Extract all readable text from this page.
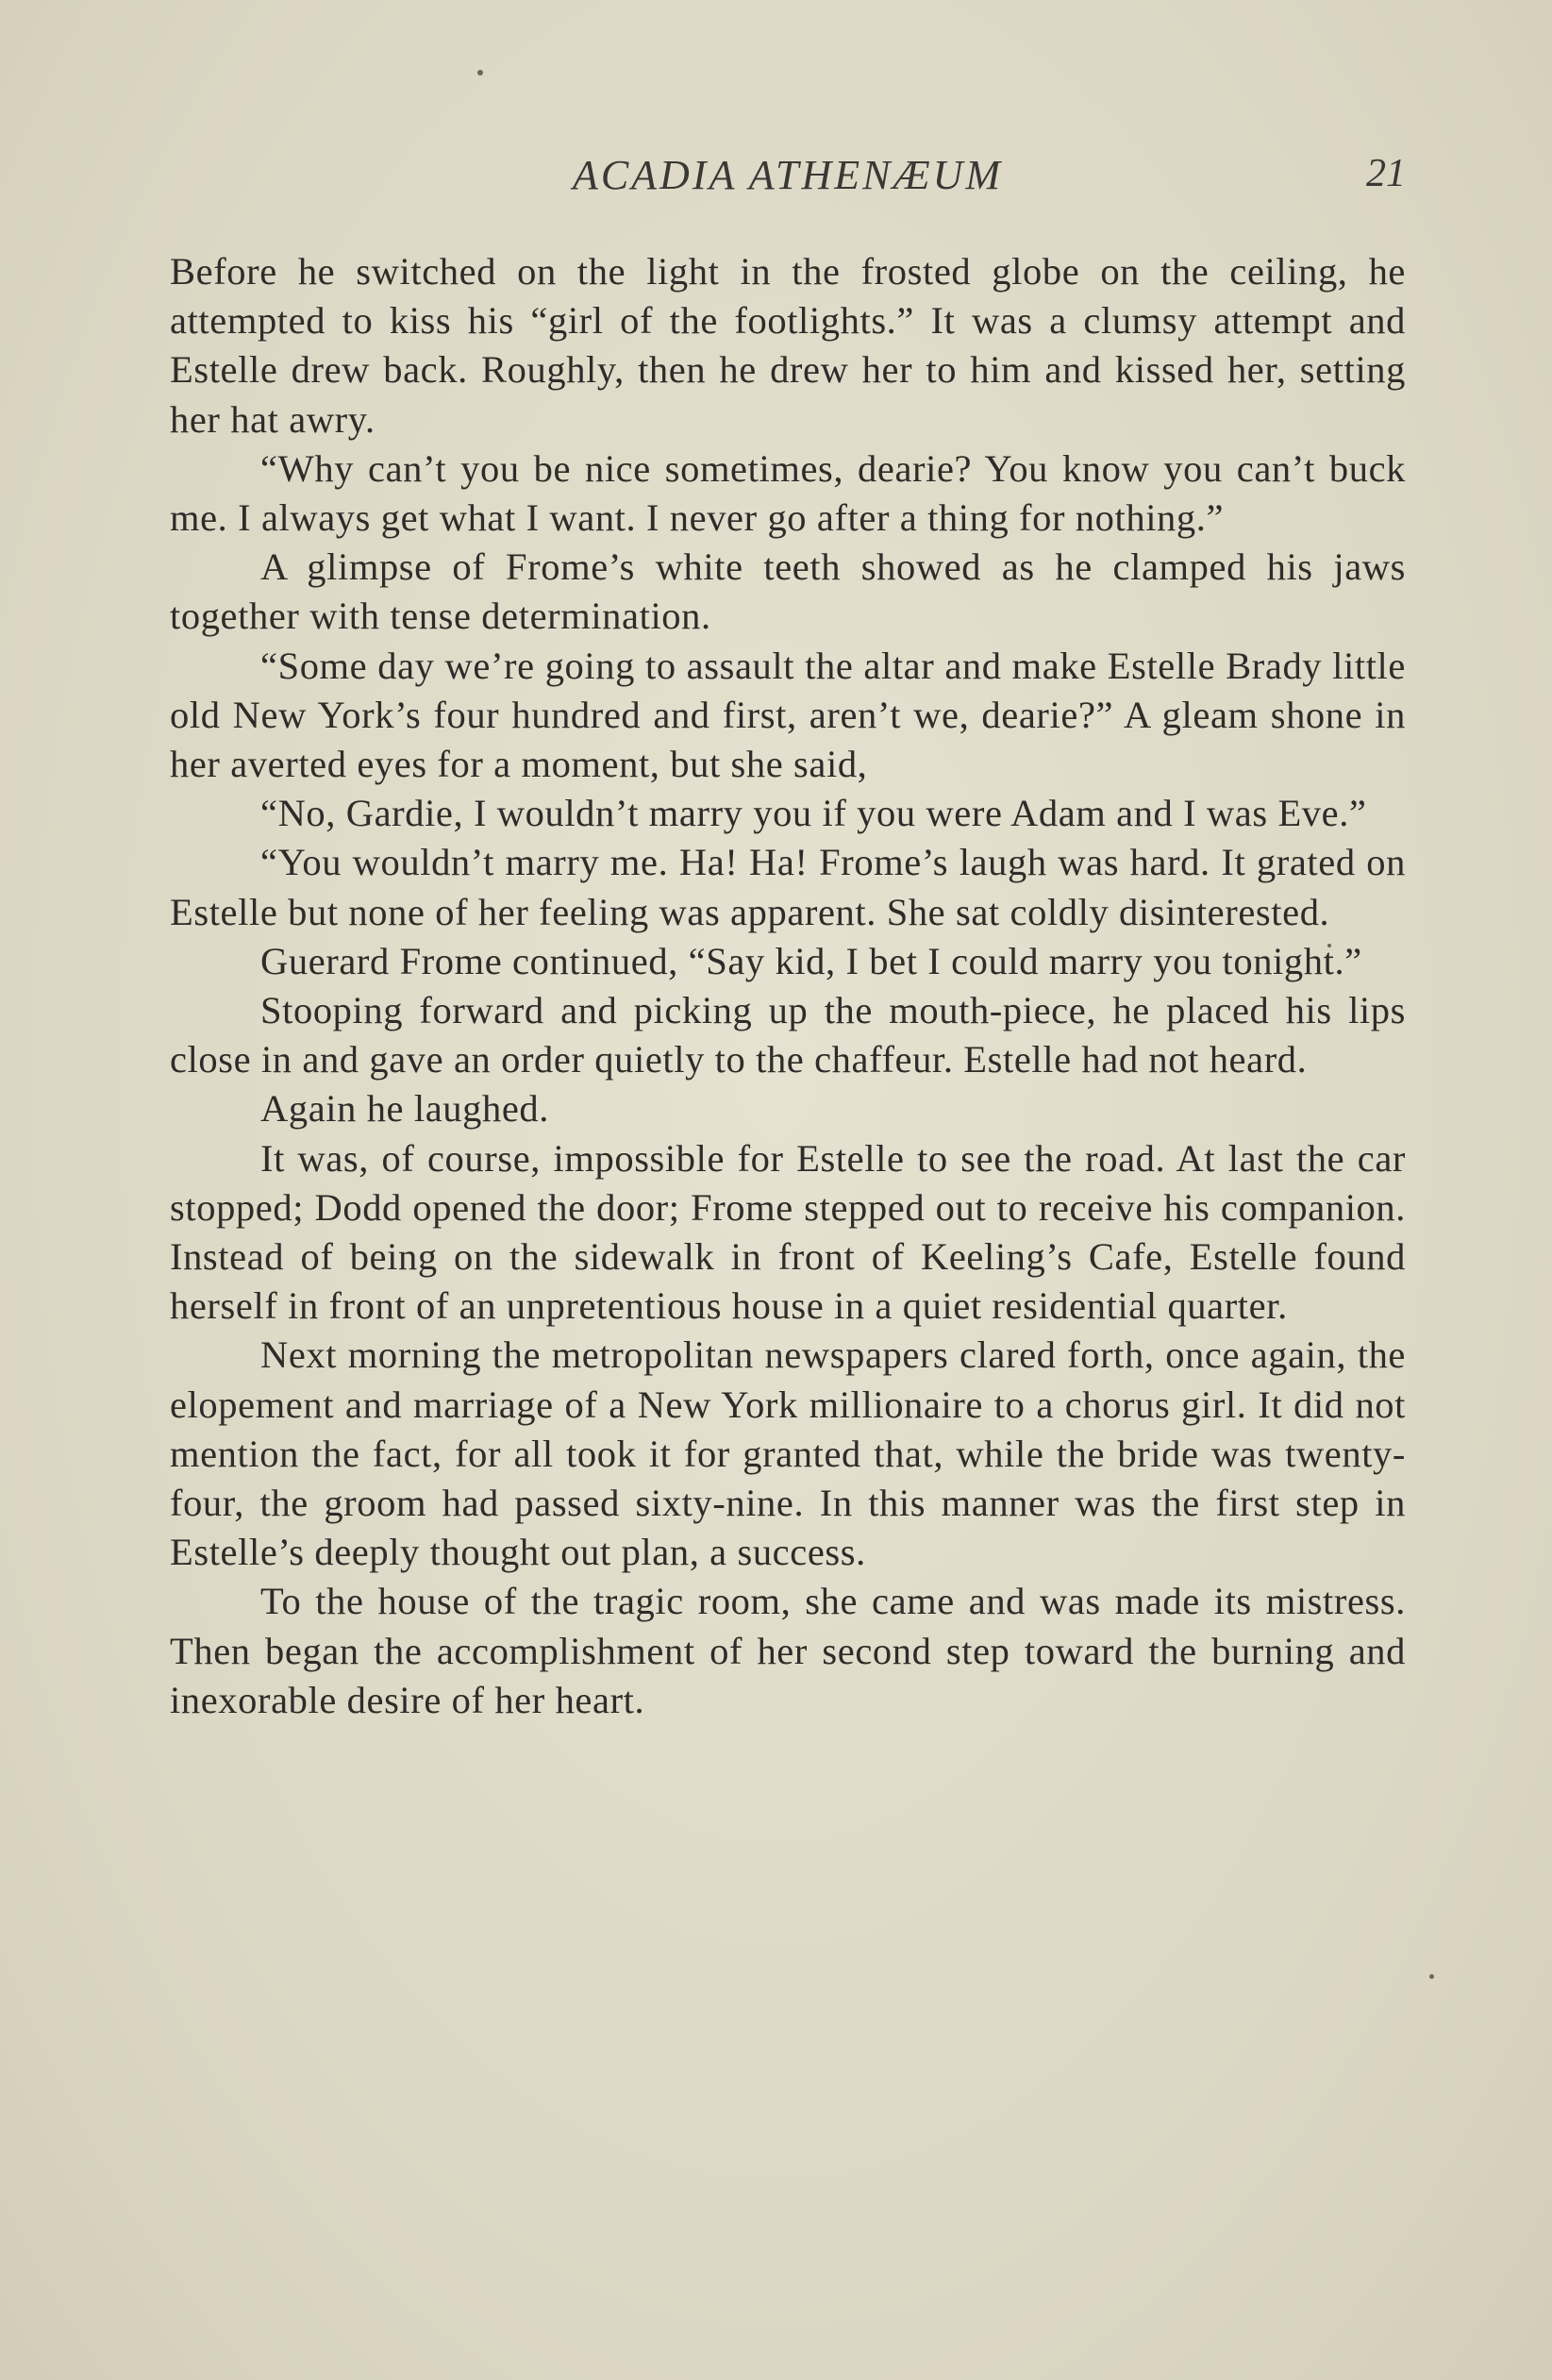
ACADIA ATHENÆUM	21

Before he switched on the light in the frosted globe on the ceiling, he attempted to kiss his “girl of the footlights.” It was a clumsy attempt and Estelle drew back. Roughly, then he drew her to him and kissed her, setting her hat awry.

“Why can’t you be nice sometimes, dearie? You know you can’t buck me. I always get what I want. I never go after a thing for nothing.”

A glimpse of Frome’s white teeth showed as he clamped his jaws together with tense determination.

“Some day we’re going to assault the altar and make Estelle Brady little old New York’s four hundred and first, aren’t we, dearie?” A gleam shone in her averted eyes for a moment, but she said,

“No, Gardie, I wouldn’t marry you if you were Adam and I was Eve.”

“You wouldn’t marry me. Ha! Ha! Frome’s laugh was hard. It grated on Estelle but none of her feeling was apparent. She sat coldly disinterested.

Guerard Frome continued, “Say kid, I bet I could marry you tonight.”

Stooping forward and picking up the mouth-piece, he placed his lips close in and gave an order quietly to the chaffeur. Estelle had not heard.

Again he laughed.

It was, of course, impossible for Estelle to see the road. At last the car stopped; Dodd opened the door; Frome stepped out to receive his companion. Instead of being on the sidewalk in front of Keeling’s Cafe, Estelle found herself in front of an unpretentious house in a quiet residential quarter.

Next morning the metropolitan newspapers clared forth, once again, the elopement and marriage of a New York millionaire to a chorus girl. It did not mention the fact, for all took it for granted that, while the bride was twenty-four, the groom had passed sixty-nine. In this manner was the first step in Estelle’s deeply thought out plan, a success.

To the house of the tragic room, she came and was made its mistress. Then began the accomplishment of her second step toward the burning and inexorable desire of her heart.
